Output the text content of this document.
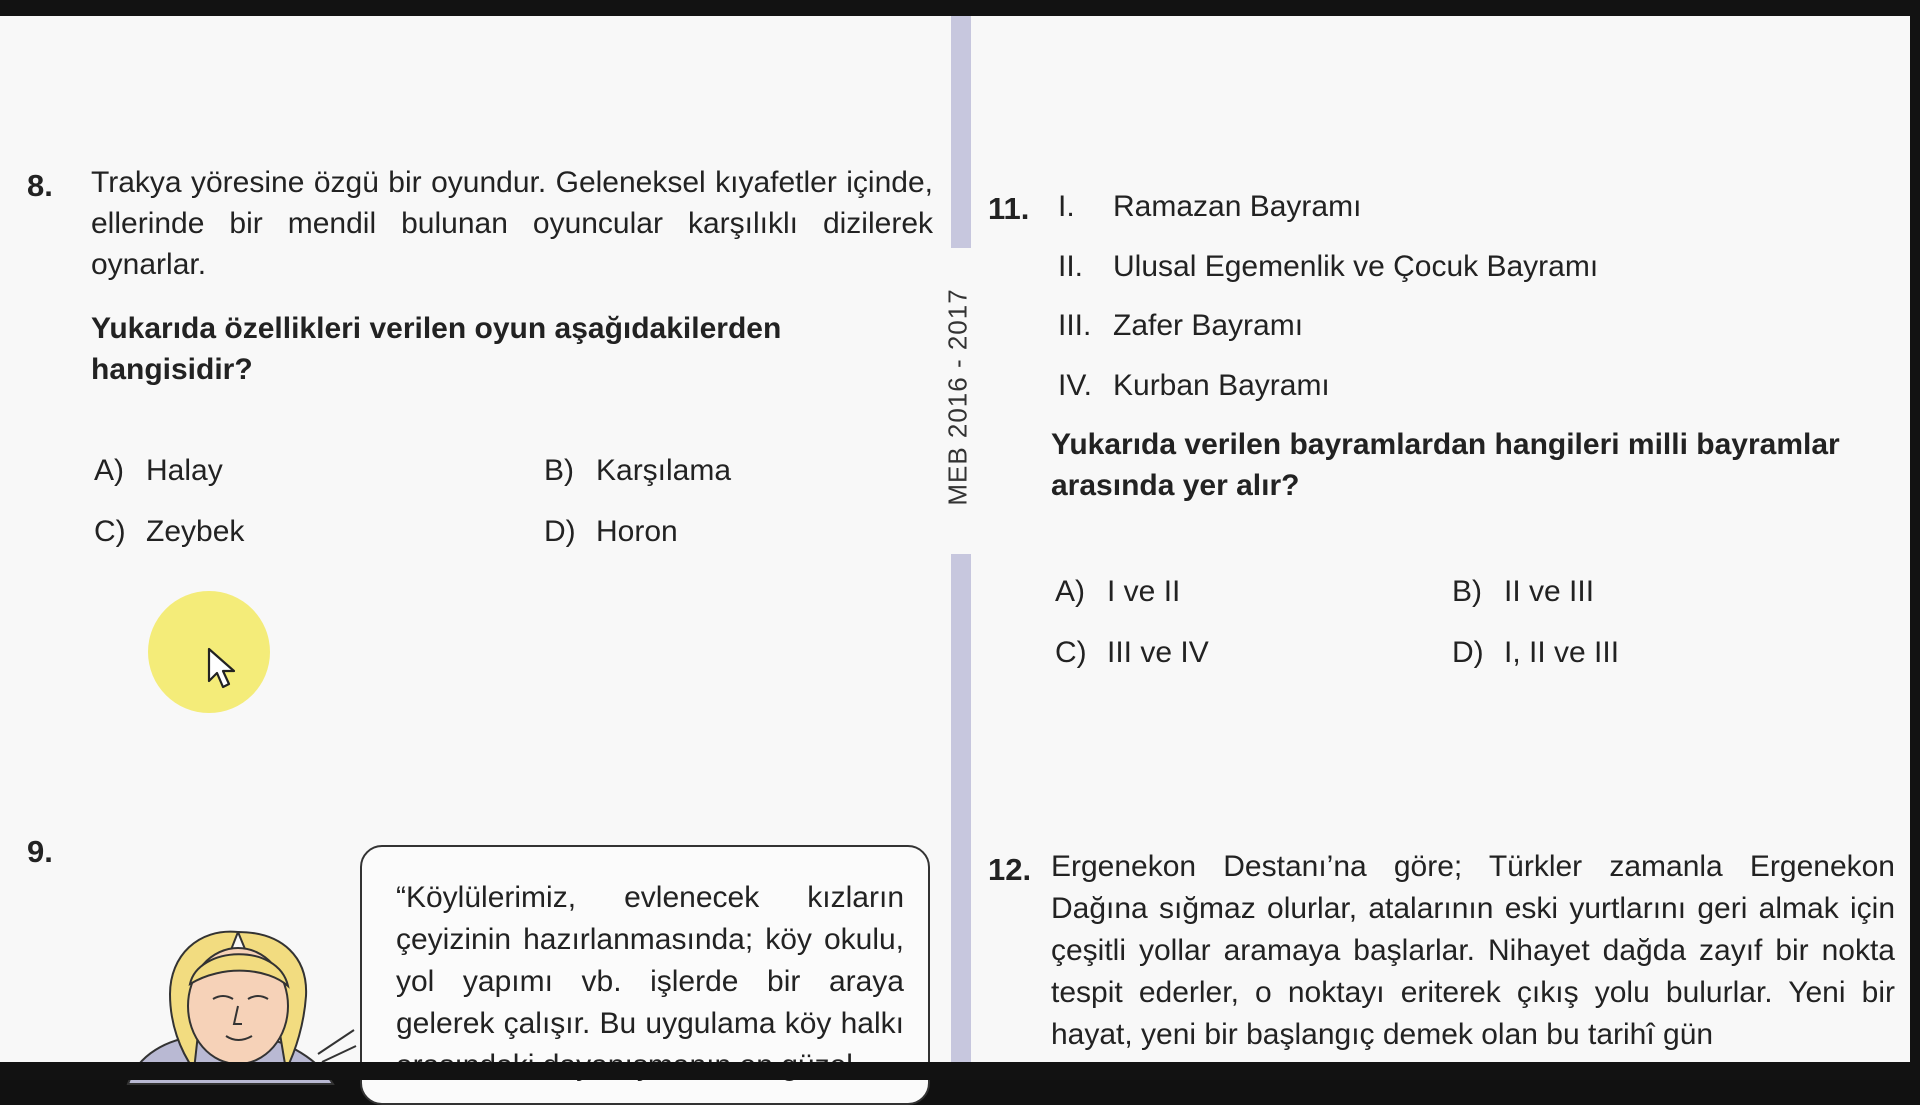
MEB 2016 - 2017
8. Trakya yöresine özgü bir oyundur. Geleneksel kıyafetler içinde, ellerinde bir mendil bulunan oyuncular karşılıklı dizilerek oynarlar.
Yukarıda özellikleri verilen oyun aşağıdakilerden hangisidir?
A) Halay	B) Karşılama
C) Zeybek	D) Horon
9.
“Köylülerimiz, evlenecek kızların çeyizinin hazırlanmasında; köy okulu, yol yapımı vb. işlerde bir araya gelerek çalışır. Bu uygulama köy halkı
11. I. Ramazan Bayramı
II. Ulusal Egemenlik ve Çocuk Bayramı
III. Zafer Bayramı
IV. Kurban Bayramı
Yukarıda verilen bayramlardan hangileri milli bayramlar arasında yer alır?
A) I ve II	B) II ve III
C) III ve IV	D) I, II ve III
12. Ergenekon Destanı’na göre; Türkler zamanla Ergenekon Dağına sığmaz olurlar, atalarının eski yurtlarını geri almak için çeşitli yollar aramaya başlarlar. Nihayet dağda zayıf bir nokta tespit ederler, o noktayı eriterek çıkış yolu bulurlar. Yeni bir hayat, yeni bir başlangıç demek olan bu tarihî gün
